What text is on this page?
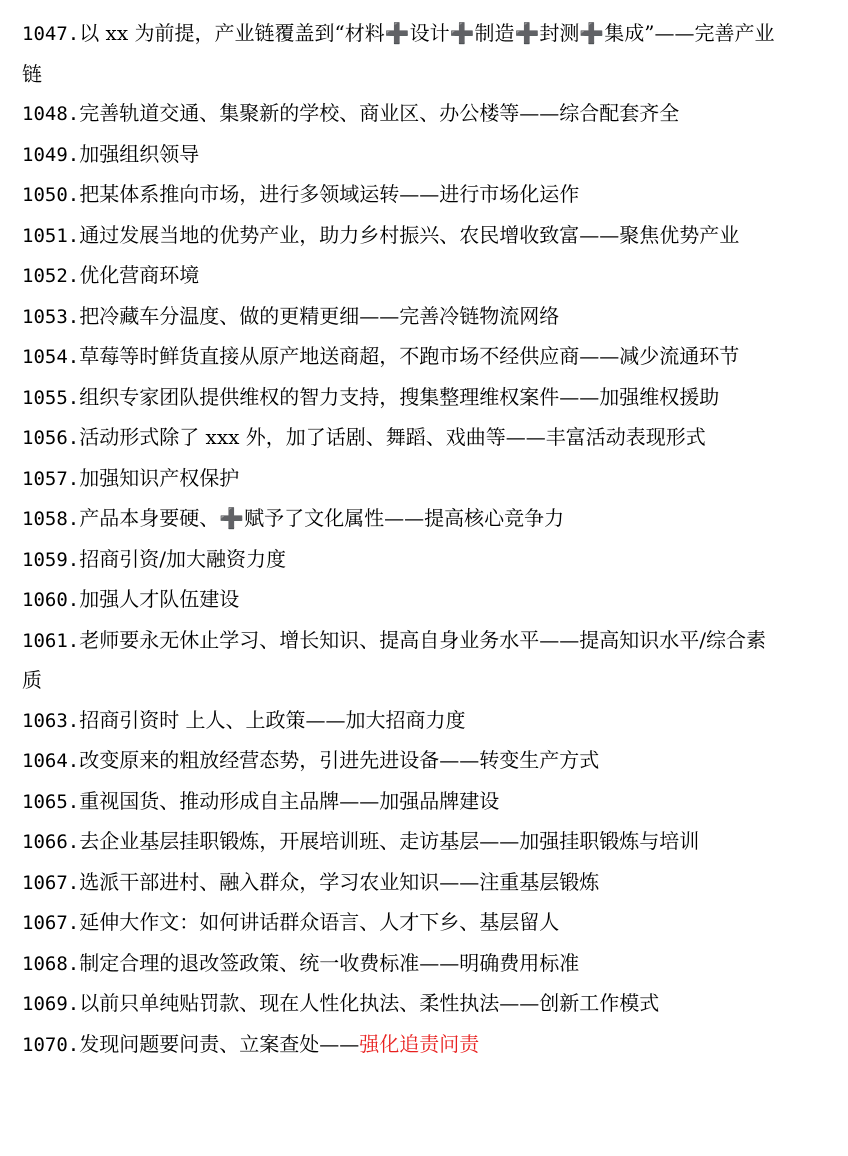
1047.以 xx 为前提，产业链覆盖到“材料➕设计➕制造➕封测➕集成”——完善产业链

1048.完善轨道交通、集聚新的学校、商业区、办公楼等——综合配套齐全

1049.加强组织领导

1050.把某体系推向市场，进行多领域运转——进行市场化运作

1051.通过发展当地的优势产业，助力乡村振兴、农民增收致富——聚焦优势产业

1052.优化营商环境

1053.把冷藏车分温度、做的更精更细——完善冷链物流网络

1054.草莓等时鲜货直接从原产地送商超，不跑市场不经供应商——减少流通环节

1055.组织专家团队提供维权的智力支持，搜集整理维权案件——加强维权援助

1056.活动形式除了 xxx 外，加了话剧、舞蹈、戏曲等——丰富活动表现形式

1057.加强知识产权保护

1058.产品本身要硬、➕赋予了文化属性——提高核心竞争力

1059.招商引资/加大融资力度

1060.加强人才队伍建设

1061.老师要永无休止学习、增长知识、提高自身业务水平——提高知识水平/综合素质

1063.招商引资时 上人、上政策——加大招商力度

1064.改变原来的粗放经营态势，引进先进设备——转变生产方式

1065.重视国货、推动形成自主品牌——加强品牌建设

1066.去企业基层挂职锻炼，开展培训班、走访基层——加强挂职锻炼与培训

1067.选派干部进村、融入群众，学习农业知识——注重基层锻炼

1067.延伸大作文：如何讲话群众语言、人才下乡、基层留人

1068.制定合理的退改签政策、统一收费标准——明确费用标准

1069.以前只单纯贴罚款、现在人性化执法、柔性执法——创新工作模式

1070.发现问题要问责、立案查处——强化追责问责
